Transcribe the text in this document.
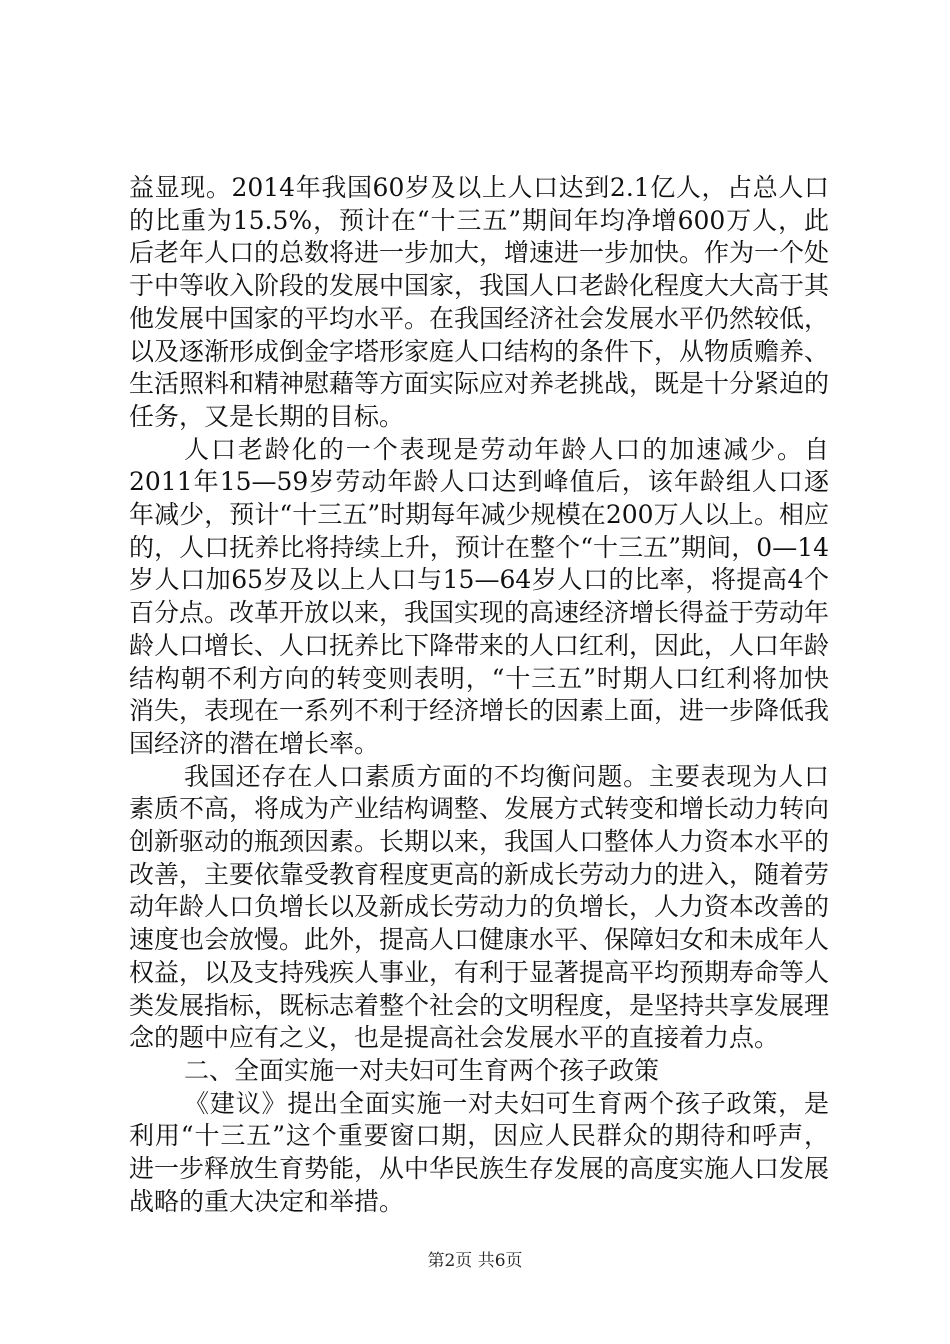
益显现。2014年我国60岁及以上人口达到2.1亿人，占总人口的比重为15.5%，预计在“十三五”期间年均净增600万人，此后老年人口的总数将进一步加大，增速进一步加快。作为一个处于中等收入阶段的发展中国家，我国人口老龄化程度大大高于其他发展中国家的平均水平。在我国经济社会发展水平仍然较低，以及逐渐形成倒金字塔形家庭人口结构的条件下，从物质赡养、生活照料和精神慰藉等方面实际应对养老挑战，既是十分紧迫的任务，又是长期的目标。

人口老龄化的一个表现是劳动年龄人口的加速减少。自2011年15—59岁劳动年龄人口达到峰值后，该年龄组人口逐年减少，预计“十三五”时期每年减少规模在200万人以上。相应的，人口抚养比将持续上升，预计在整个“十三五”期间，0—14岁人口加65岁及以上人口与15—64岁人口的比率，将提高4个百分点。改革开放以来，我国实现的高速经济增长得益于劳动年龄人口增长、人口抚养比下降带来的人口红利，因此，人口年龄结构朝不利方向的转变则表明，“十三五”时期人口红利将加快消失，表现在一系列不利于经济增长的因素上面，进一步降低我国经济的潜在增长率。

我国还存在人口素质方面的不均衡问题。主要表现为人口素质不高，将成为产业结构调整、发展方式转变和增长动力转向创新驱动的瓶颈因素。长期以来，我国人口整体人力资本水平的改善，主要依靠受教育程度更高的新成长劳动力的进入，随着劳动年龄人口负增长以及新成长劳动力的负增长，人力资本改善的速度也会放慢。此外，提高人口健康水平、保障妇女和未成年人权益，以及支持残疾人事业，有利于显著提高平均预期寿命等人类发展指标，既标志着整个社会的文明程度，是坚持共享发展理念的题中应有之义，也是提高社会发展水平的直接着力点。

二、全面实施一对夫妇可生育两个孩子政策

《建议》提出全面实施一对夫妇可生育两个孩子政策，是利用“十三五”这个重要窗口期，因应人民群众的期待和呼声，进一步释放生育势能，从中华民族生存发展的高度实施人口发展战略的重大决定和举措。

第2页 共6页
